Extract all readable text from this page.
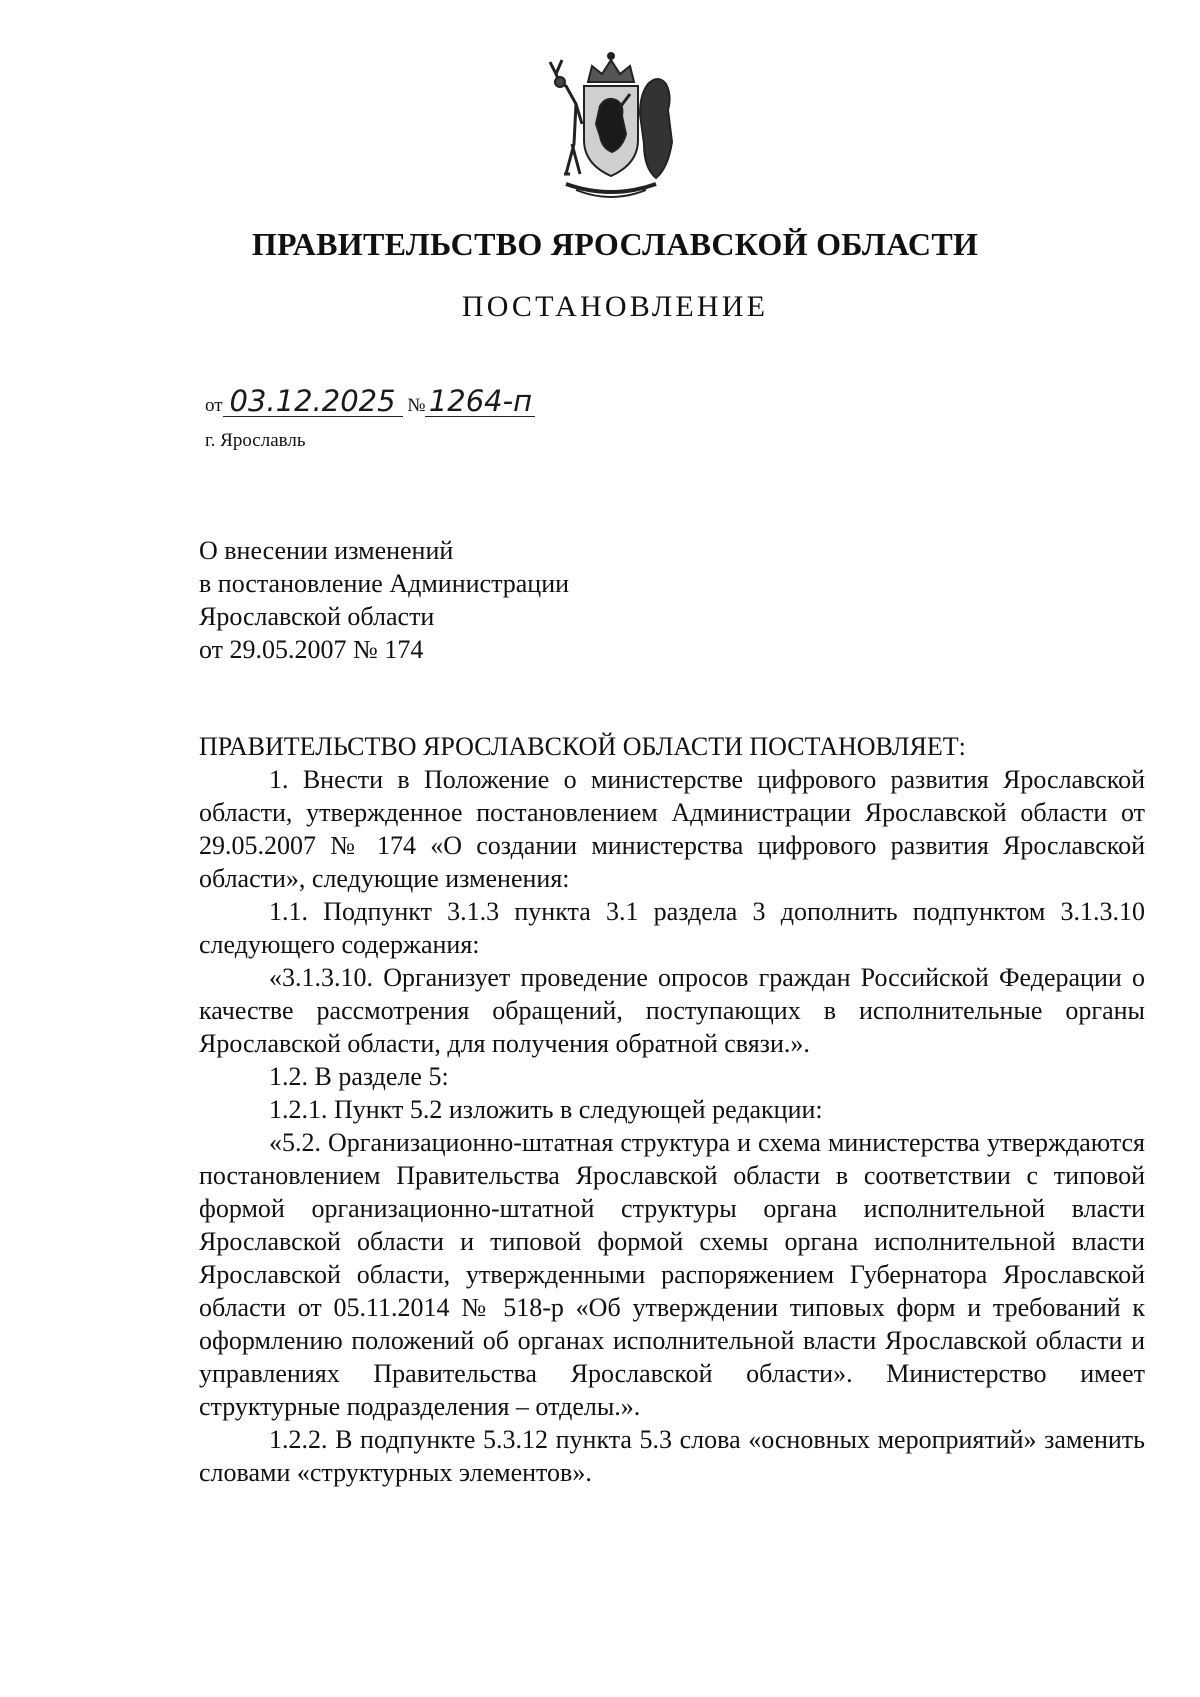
ПРАВИТЕЛЬСТВО ЯРОСЛАВСКОЙ ОБЛАСТИ
ПОСТАНОВЛЕНИЕ
от 03.12.2025 № 1264-п
г. Ярославль
О внесении изменений
в постановление Администрации
Ярославской области
от 29.05.2007 № 174

ПРАВИТЕЛЬСТВО ЯРОСЛАВСКОЙ ОБЛАСТИ ПОСТАНОВЛЯЕТ:

1. Внести в Положение о министерстве цифрового развития Ярославской области, утвержденное постановлением Администрации Ярославской области от 29.05.2007 № 174 «О создании министерства цифрового развития Ярославской области», следующие изменения:

1.1. Подпункт 3.1.3 пункта 3.1 раздела 3 дополнить подпунктом 3.1.3.10 следующего содержания:

«3.1.3.10. Организует проведение опросов граждан Российской Федерации о качестве рассмотрения обращений, поступающих в исполнительные органы Ярославской области, для получения обратной связи.».

1.2. В разделе 5:

1.2.1. Пункт 5.2 изложить в следующей редакции:

«5.2. Организационно-штатная структура и схема министерства утверждаются постановлением Правительства Ярославской области в соответствии с типовой формой организационно-штатной структуры органа исполнительной власти Ярославской области и типовой формой схемы органа исполнительной власти Ярославской области, утвержденными распоряжением Губернатора Ярославской области от 05.11.2014 № 518-р «Об утверждении типовых форм и требований к оформлению положений об органах исполнительной власти Ярославской области и управлениях Правительства Ярославской области». Министерство имеет структурные подразделения – отделы.».

1.2.2. В подпункте 5.3.12 пункта 5.3 слова «основных мероприятий» заменить словами «структурных элементов».
